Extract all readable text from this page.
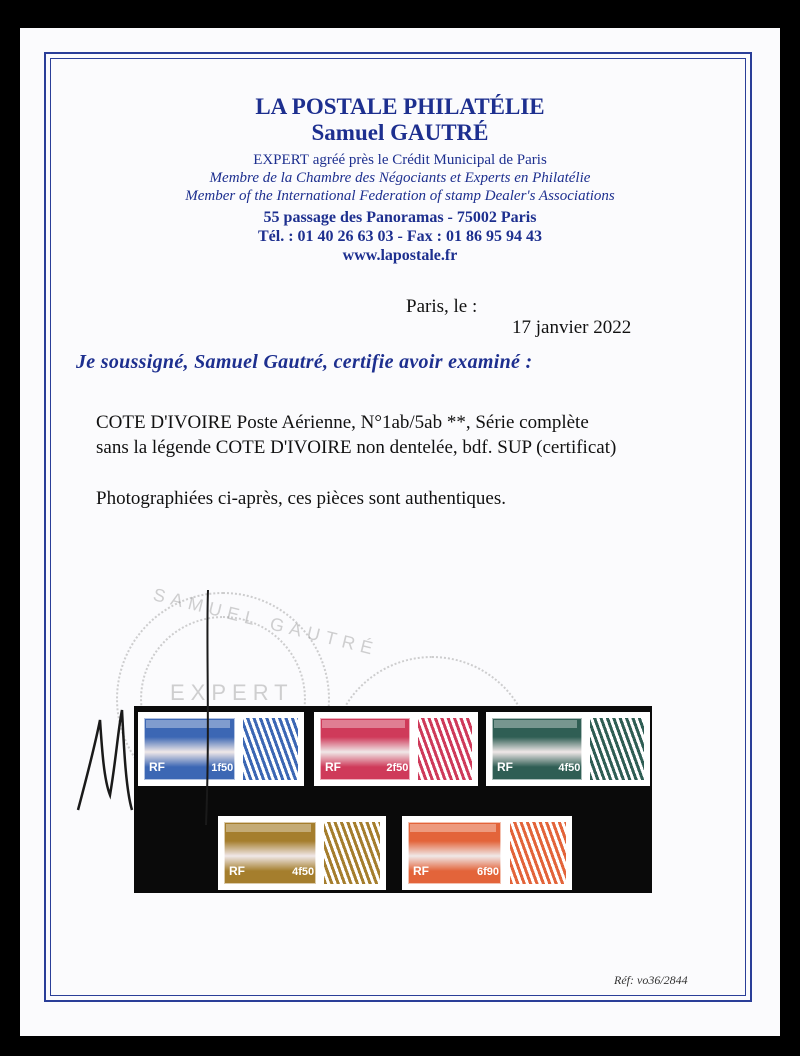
LA POSTALE PHILATÉLIE
Samuel GAUTRÉ
EXPERT agréé près le Crédit Municipal de Paris
Membre de la Chambre des Négociants et Experts en Philatélie
Member of the International Federation of stamp Dealer's Associations
55 passage des Panoramas - 75002 Paris
Tél. : 01 40 26 63 03 - Fax : 01 86 95 94 43
www.lapostale.fr
Paris, le :
17 janvier 2022
Je soussigné, Samuel Gautré, certifie avoir examiné :
COTE D'IVOIRE Poste Aérienne, N°1ab/5ab **, Série complète
sans la légende COTE D'IVOIRE non dentelée, bdf. SUP (certificat)
Photographiées ci-après, ces pièces sont authentiques.
SAMUEL GAUTRÉ
EXPERT
RF	1f50	RF	2f50	RF	4f50
RF	4f50	RF	6f90
Réf: vo36/2844
